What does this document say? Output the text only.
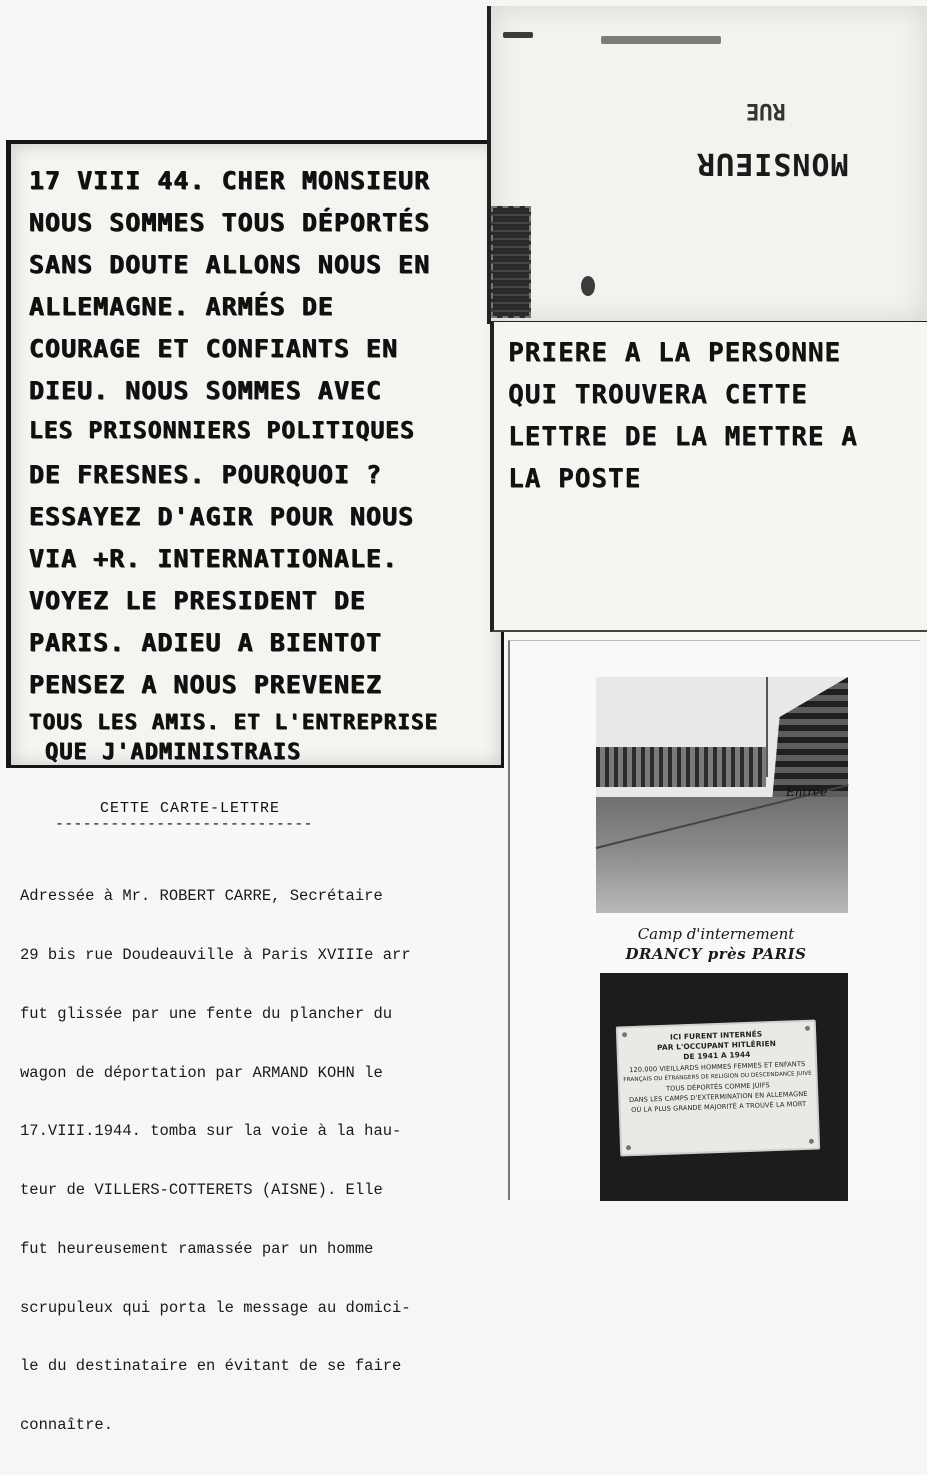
17 VIII 44. CHER MONSIEUR
NOUS SOMMES TOUS DÉPORTÉS
SANS DOUTE ALLONS NOUS EN
ALLEMAGNE. ARMÉS DE
COURAGE ET CONFIANTS EN
DIEU. NOUS SOMMES AVEC
LES PRISONNIERS POLITIQUES
DE FRESNES. POURQUOI ?
ESSAYEZ D'AGIR POUR NOUS
VIA +R. INTERNATIONALE.
VOYEZ LE PRESIDENT DE
PARIS. ADIEU A BIENTOT
PENSEZ A NOUS PREVENEZ
TOUS LES AMIS. ET L'ENTREPRISE
QUE J'ADMINISTRAIS
RUE
MONSIEUR
PRIERE A LA PERSONNE
QUI TROUVERA CETTE
LETTRE DE LA METTRE A
LA POSTE
CETTE CARTE-LETTRE
----------------------------

Adressée à Mr. ROBERT CARRE, Secrétaire

29 bis rue Doudeauville à Paris XVIIIe arr

fut glissée par une fente du plancher du

wagon de déportation par ARMAND KOHN le

17.VIII.1944. tomba sur la voie à la hau-

teur de VILLERS-COTTERETS (AISNE). Elle

fut heureusement ramassée par un homme

scrupuleux qui porta le message au domici-

le du destinataire en évitant de se faire

connaître.

Entrée
Camp d'internement
DRANCY près PARIS
ICI FURENT INTERNÉS
PAR L'OCCUPANT HITLÉRIEN
DE 1941 A 1944
120.000 VIEILLARDS HOMMES FEMMES ET ENFANTS
FRANÇAIS OU ÉTRANGERS DE RELIGION OU DESCENDANCE JUIVE
TOUS DÉPORTÉS COMME JUIFS
DANS LES CAMPS D'EXTERMINATION EN ALLEMAGNE
OÙ LA PLUS GRANDE MAJORITÉ A TROUVÉ LA MORT
